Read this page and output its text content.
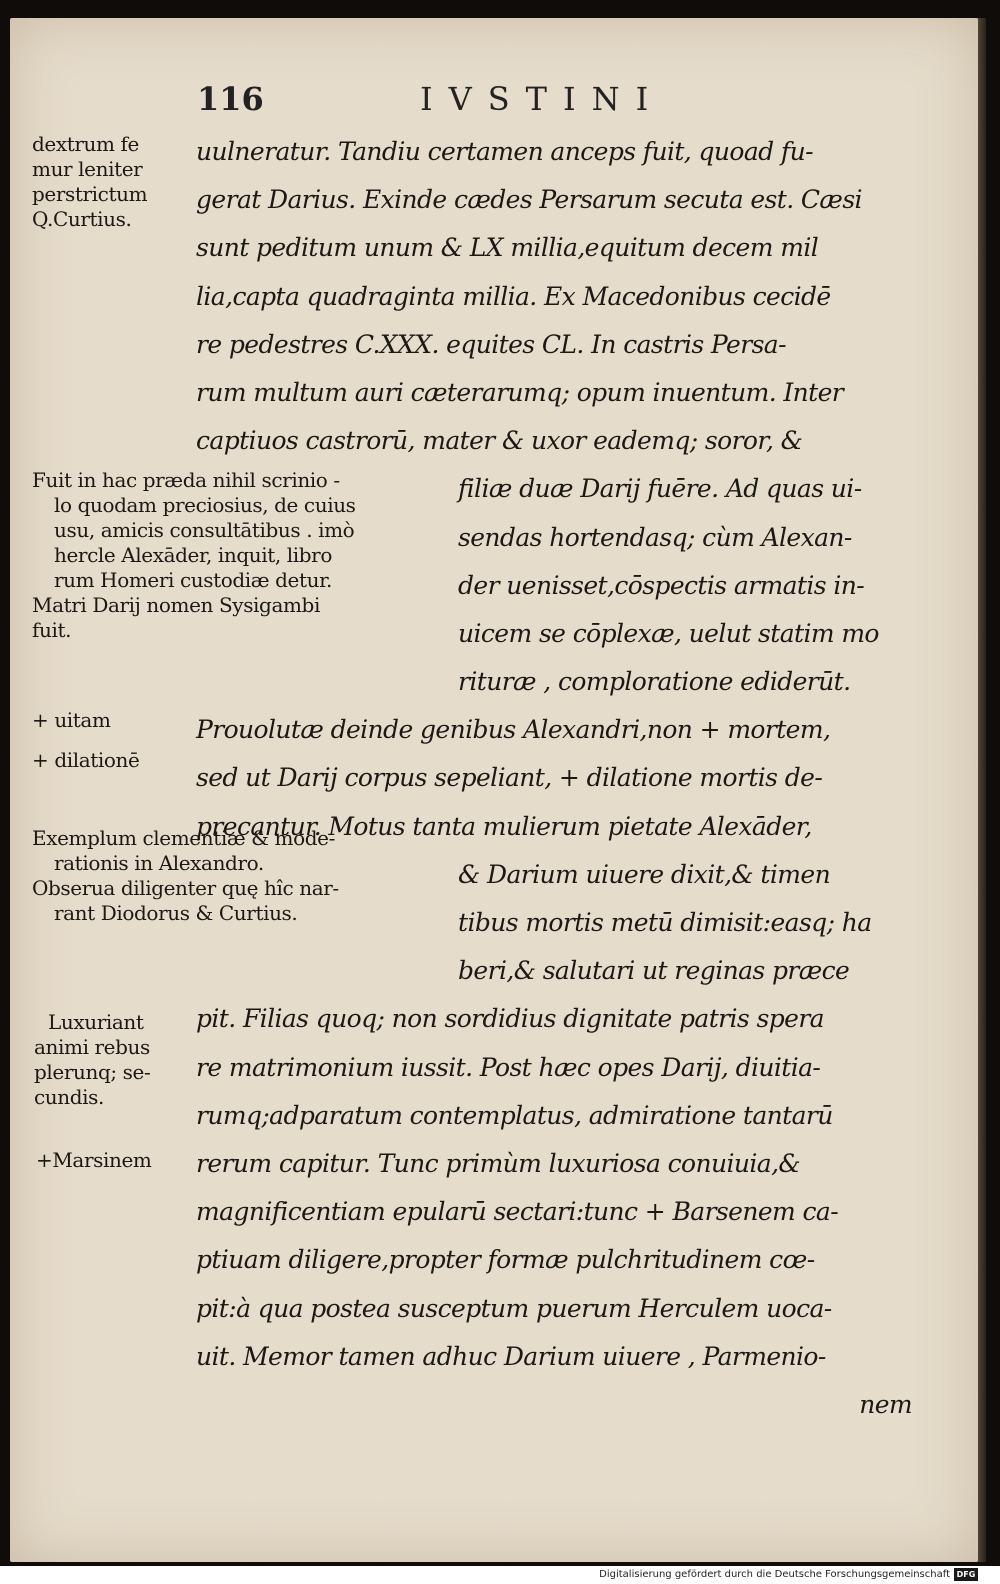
116	IVSTINI
uulneratur. Tandiu certamen anceps fuit, quoad fu-
gerat Darius. Exinde cædes Persarum secuta est. Cæsi
sunt peditum unum & LX millia,equitum decem mil
lia,capta quadraginta millia. Ex Macedonibus cecidē
re pedestres C.XXX. equites CL. In castris Persa-
rum multum auri cæterarumq; opum inuentum. Inter
captiuos castrorū, mater & uxor eademq; soror, &
filiæ duæ Darij fuēre. Ad quas ui-
sendas hortendasq; cùm Alexan-
der uenisset,cōspectis armatis in-
uicem se cōplexæ, uelut statim mo
rituræ , comploratione ediderūt.
Prouolutæ deinde genibus Alexandri,non + mortem,
sed ut Darij corpus sepeliant, + dilatione mortis de-
precantur. Motus tanta mulierum pietate Alexāder,
& Darium uiuere dixit,& timen
tibus mortis metū dimisit:easq; ha
beri,& salutari ut reginas præce
pit. Filias quoq; non sordidius dignitate patris spera
re matrimonium iussit. Post hæc opes Darij, diuitia-
rumq;adparatum contemplatus, admiratione tantarū
rerum capitur. Tunc primùm luxuriosa conuiuia,&
magnificentiam epularū sectari:tunc + Barsenem ca-
ptiuam diligere,propter formæ pulchritudinem cœ-
pit:à qua postea susceptum puerum Herculem uoca-
uit. Memor tamen adhuc Darium uiuere , Parmenio-
nem
dextrum fe
mur leniter
perstrictum
Q.Curtius.
Fuit in hac præda nihil scrinio -
lo quodam preciosius, de cuius
usu, amicis consultātibus . imò
hercle Alexāder, inquit, libro
rum Homeri custodiæ detur.
Matri Darij nomen Sysigambi
fuit.
+ uitam
+ dilationē
Exemplum clementiæ & mode-
rationis in Alexandro.
Obserua diligenter quę hîc nar-
rant Diodorus & Curtius.
Luxuriant
animi rebus
plerunq; se-
cundis.
+Marsinem
Digitalisierung gefördert durch die Deutsche Forschungsgemeinschaft DFG
